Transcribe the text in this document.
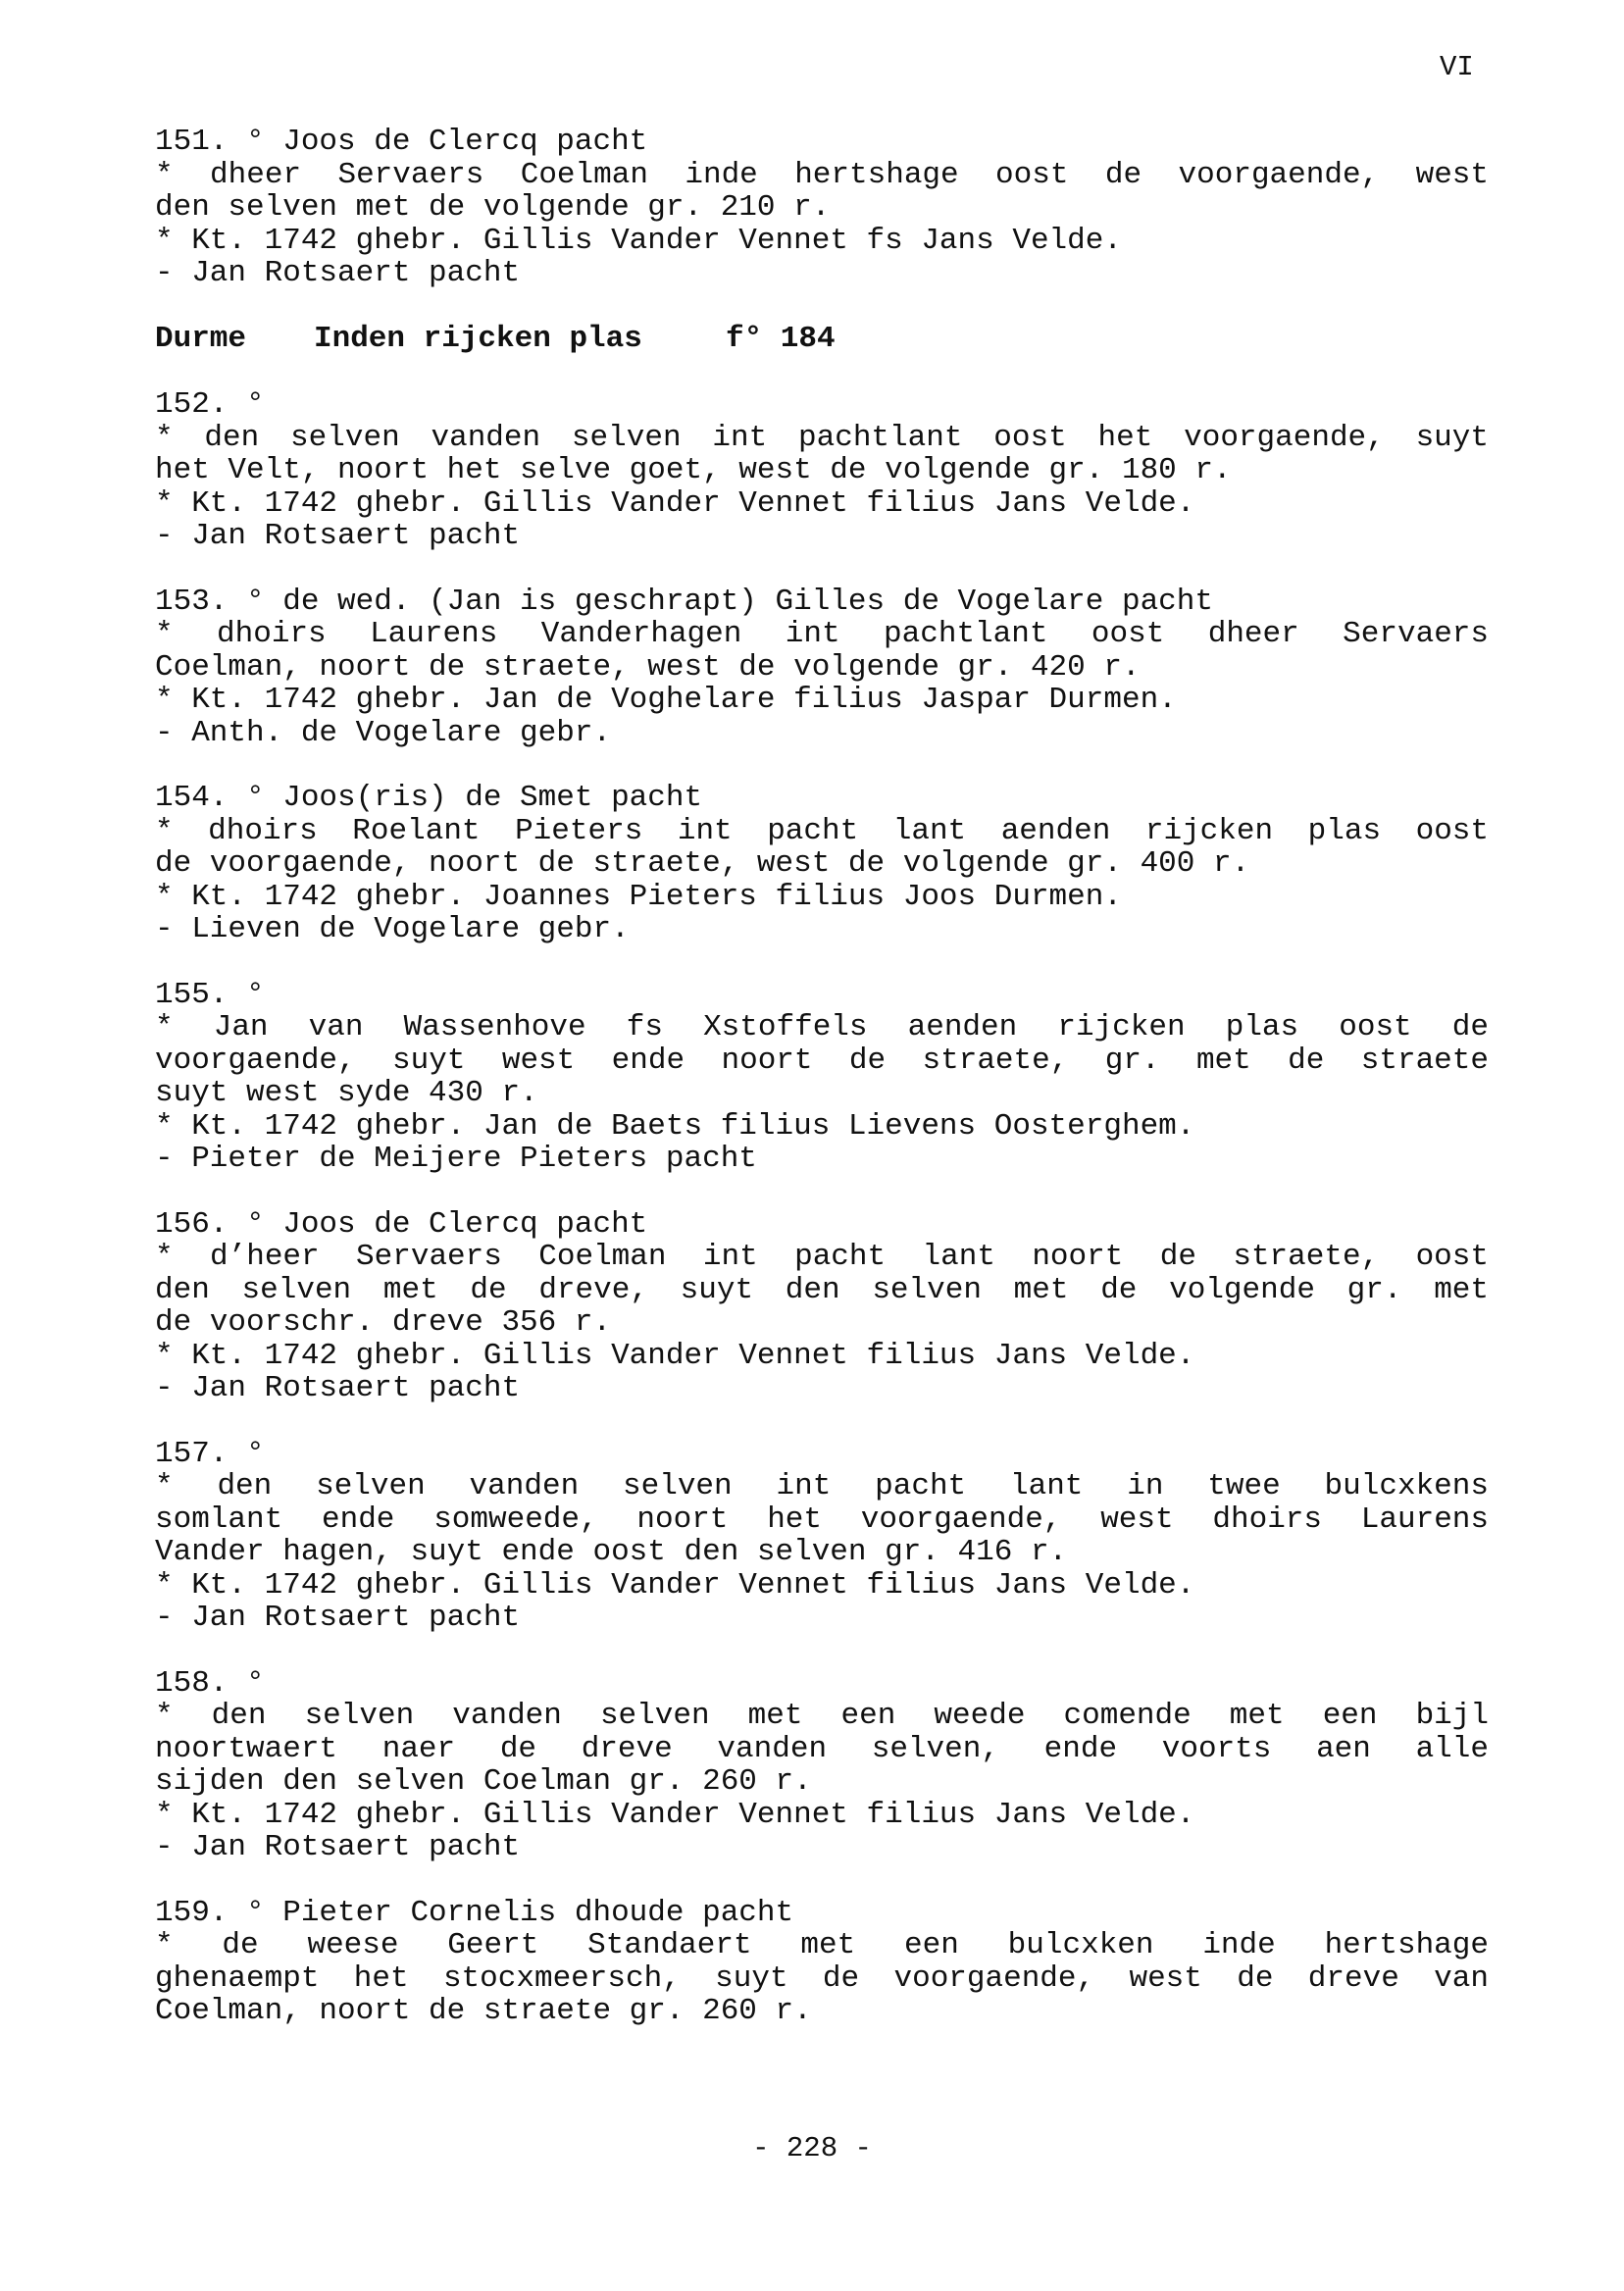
VI
151. ° Joos de Clercq pacht
* dheer Servaers Coelman inde hertshage oost de voorgaende, west
den selven met de volgende gr. 210 r.
* Kt. 1742 ghebr. Gillis Vander Vennet fs Jans Velde.
- Jan Rotsaert pacht
Durme Inden rijcken plas	f° 184
152. °
* den selven vanden selven int pachtlant oost het voorgaende, suyt
het Velt, noort het selve goet, west de volgende gr. 180 r.
* Kt. 1742 ghebr. Gillis Vander Vennet filius Jans Velde.
- Jan Rotsaert pacht
153. ° de wed. (Jan is geschrapt) Gilles de Vogelare pacht
* dhoirs Laurens Vanderhagen int pachtlant oost dheer Servaers
Coelman, noort de straete, west de volgende gr. 420 r.
* Kt. 1742 ghebr. Jan de Voghelare filius Jaspar Durmen.
- Anth. de Vogelare gebr.
154. ° Joos(ris) de Smet pacht
* dhoirs Roelant Pieters int pacht lant aenden rijcken plas oost
de voorgaende, noort de straete, west de volgende gr. 400 r.
* Kt. 1742 ghebr. Joannes Pieters filius Joos Durmen.
- Lieven de Vogelare gebr.
155. °
* Jan van Wassenhove fs Xstoffels aenden rijcken plas oost de
voorgaende, suyt west ende noort de straete, gr. met de straete
suyt west syde 430 r.
* Kt. 1742 ghebr. Jan de Baets filius Lievens Oosterghem.
- Pieter de Meijere Pieters pacht
156. ° Joos de Clercq pacht
* d’heer Servaers Coelman int pacht lant noort de straete, oost
den selven met de dreve, suyt den selven met de volgende gr. met
de voorschr. dreve 356 r.
* Kt. 1742 ghebr. Gillis Vander Vennet filius Jans Velde.
- Jan Rotsaert pacht
157. °
* den selven vanden selven int pacht lant in twee bulcxkens
somlant ende somweede, noort het voorgaende, west dhoirs Laurens
Vander hagen, suyt ende oost den selven gr. 416 r.
* Kt. 1742 ghebr. Gillis Vander Vennet filius Jans Velde.
- Jan Rotsaert pacht
158. °
* den selven vanden selven met een weede comende met een bijl
noortwaert naer de dreve vanden selven, ende voorts aen alle
sijden den selven Coelman gr. 260 r.
* Kt. 1742 ghebr. Gillis Vander Vennet filius Jans Velde.
- Jan Rotsaert pacht
159. ° Pieter Cornelis dhoude pacht
* de weese Geert Standaert met een bulcxken inde hertshage
ghenaempt het stocxmeersch, suyt de voorgaende, west de dreve van
Coelman, noort de straete gr. 260 r.
- 228 -
